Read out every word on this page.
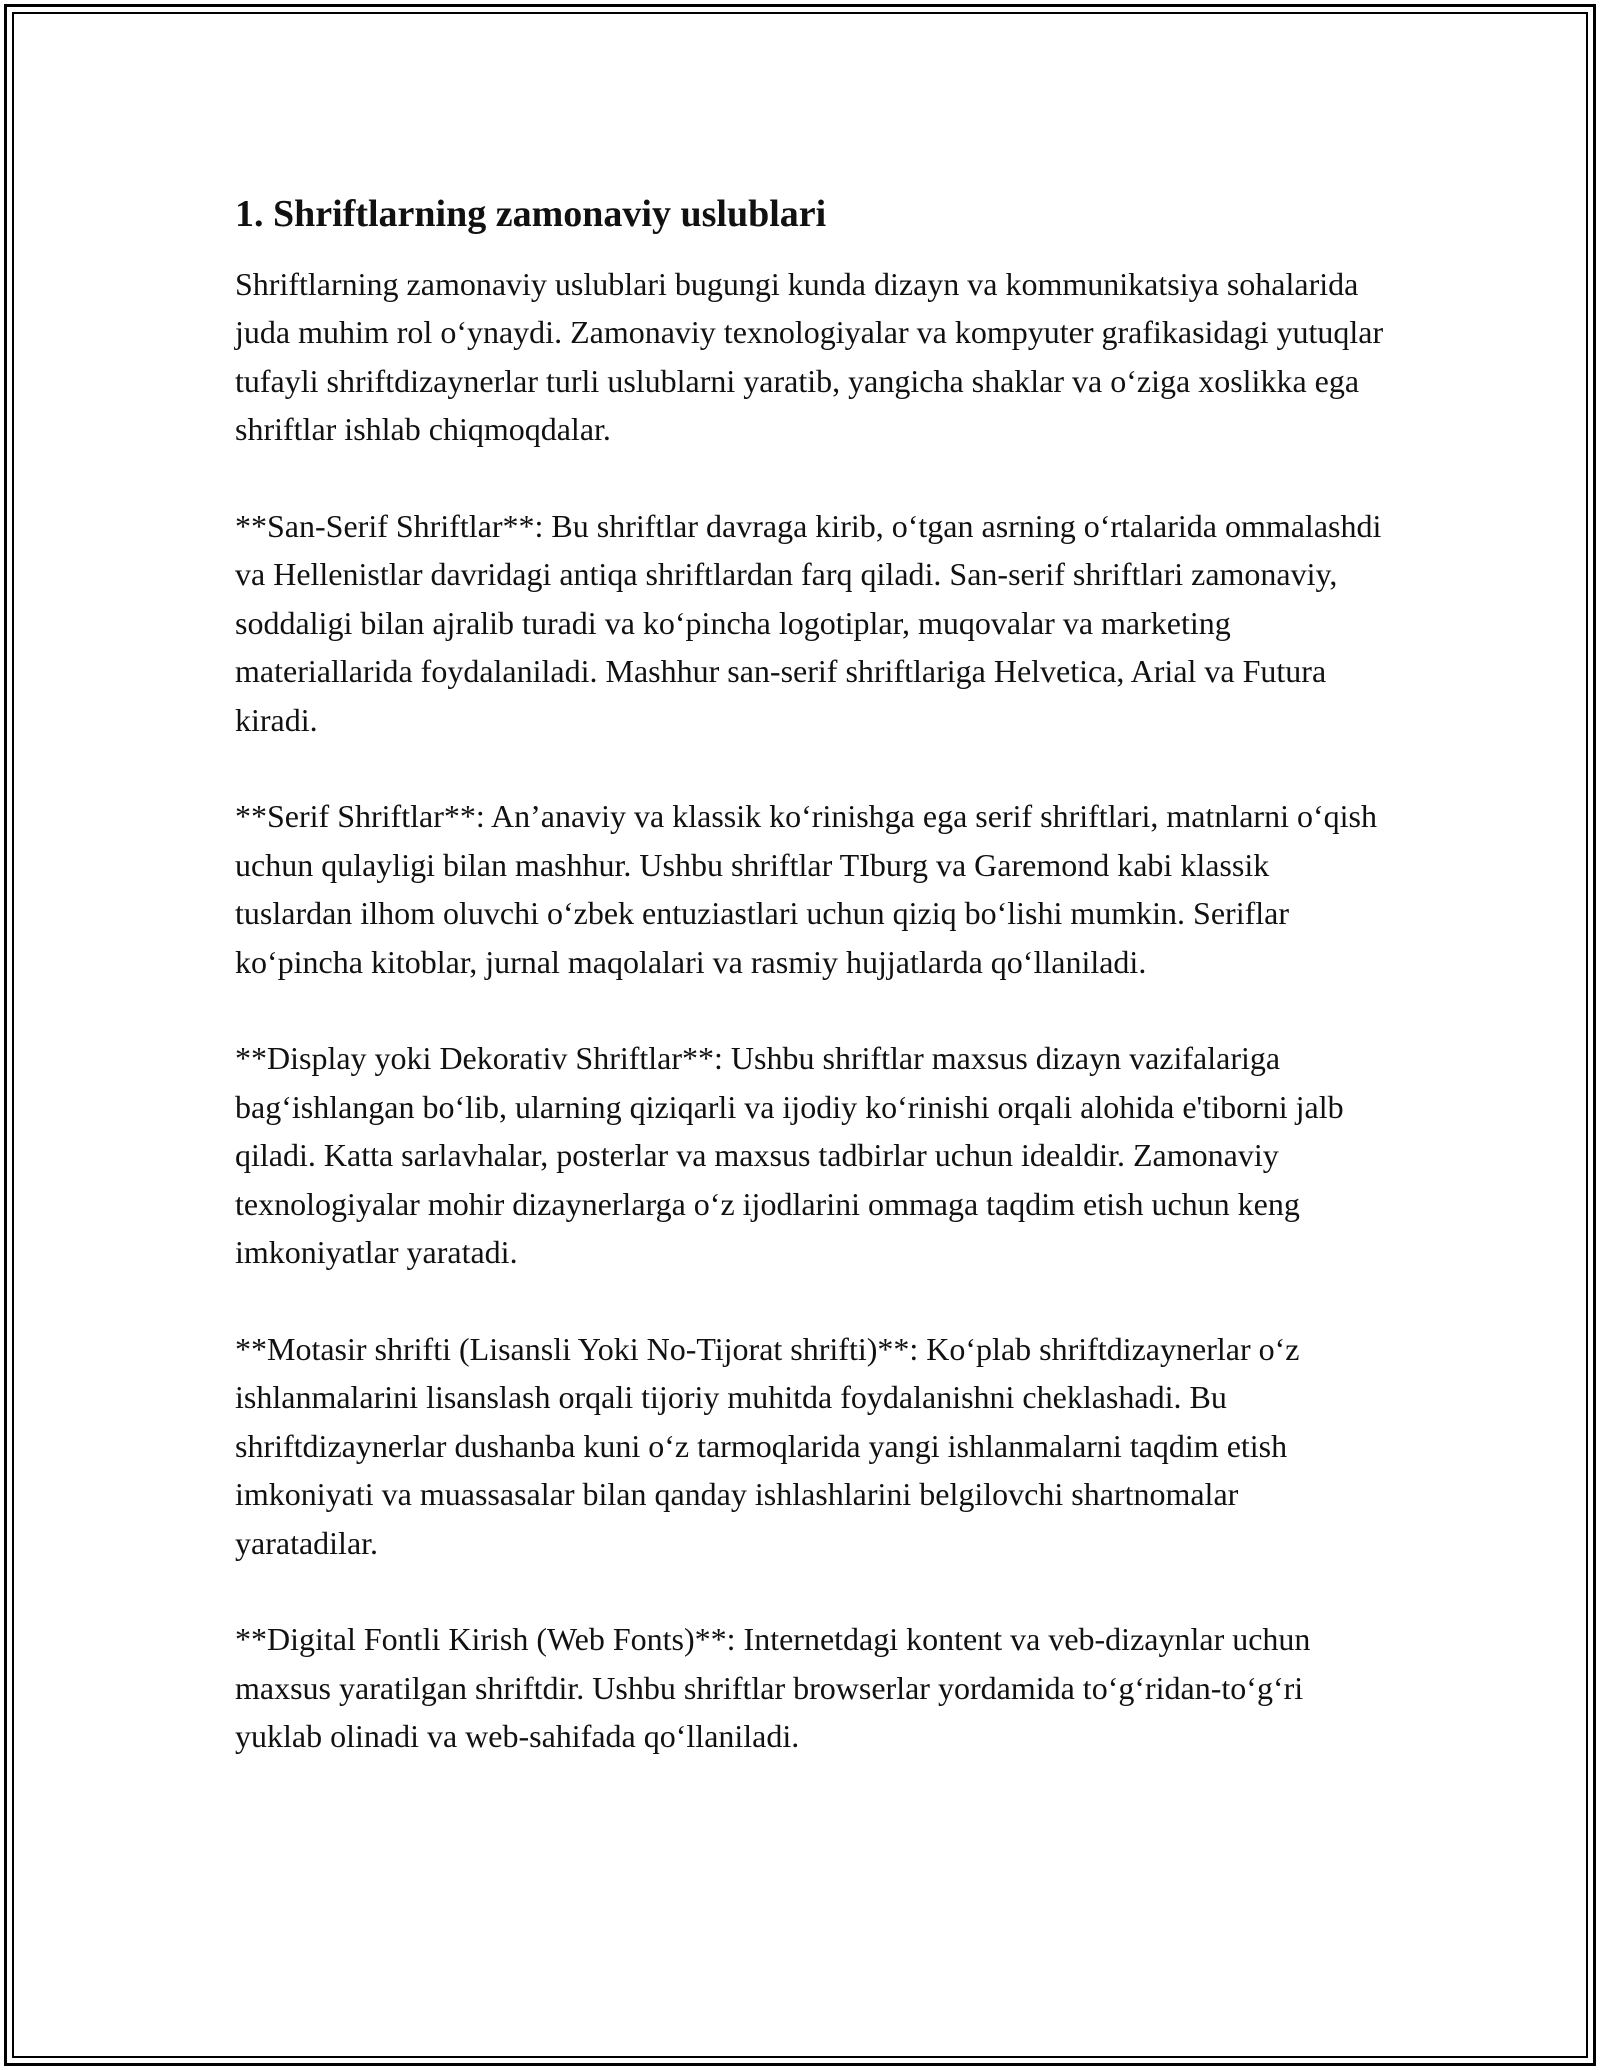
1. Shriftlarning zamonaviy uslublari

Shriftlarning zamonaviy uslublari bugungi kunda dizayn va kommunikatsiya sohalarida juda muhim rol o‘ynaydi. Zamonaviy texnologiyalar va kompyuter grafikasidagi yutuqlar tufayli shriftdizaynerlar turli uslublarni yaratib, yangicha shaklar va o‘ziga xoslikka ega shriftlar ishlab chiqmoqdalar.

**San-Serif Shriftlar**: Bu shriftlar davraga kirib, o‘tgan asrning o‘rtalarida ommalashdi va Hellenistlar davridagi antiqa shriftlardan farq qiladi. San-serif shriftlari zamonaviy, soddaligi bilan ajralib turadi va ko‘pincha logotiplar, muqovalar va marketing materiallarida foydalaniladi. Mashhur san-serif shriftlariga Helvetica, Arial va Futura kiradi.

**Serif Shriftlar**: An’anaviy va klassik ko‘rinishga ega serif shriftlari, matnlarni o‘qish uchun qulayligi bilan mashhur. Ushbu shriftlar TIburg va Garemond kabi klassik tuslardan ilhom oluvchi o‘zbek entuziastlari uchun qiziq bo‘lishi mumkin. Seriflar ko‘pincha kitoblar, jurnal maqolalari va rasmiy hujjatlarda qo‘llaniladi.

**Display yoki Dekorativ Shriftlar**: Ushbu shriftlar maxsus dizayn vazifalariga bag‘ishlangan bo‘lib, ularning qiziqarli va ijodiy ko‘rinishi orqali alohida e'tiborni jalb qiladi. Katta sarlavhalar, posterlar va maxsus tadbirlar uchun idealdir. Zamonaviy texnologiyalar mohir dizaynerlarga o‘z ijodlarini ommaga taqdim etish uchun keng imkoniyatlar yaratadi.

**Motasir shrifti (Lisansli Yoki No-Tijorat shrifti)**: Ko‘plab shriftdizaynerlar o‘z ishlanmalarini lisanslash orqali tijoriy muhitda foydalanishni cheklashadi. Bu shriftdizaynerlar dushanba kuni o‘z tarmoqlarida yangi ishlanmalarni taqdim etish imkoniyati va muassasalar bilan qanday ishlashlarini belgilovchi shartnomalar yaratadilar.

**Digital Fontli Kirish (Web Fonts)**: Internetdagi kontent va veb-dizaynlar uchun maxsus yaratilgan shriftdir. Ushbu shriftlar browserlar yordamida to‘g‘ridan-to‘g‘ri yuklab olinadi va web-sahifada qo‘llaniladi.
